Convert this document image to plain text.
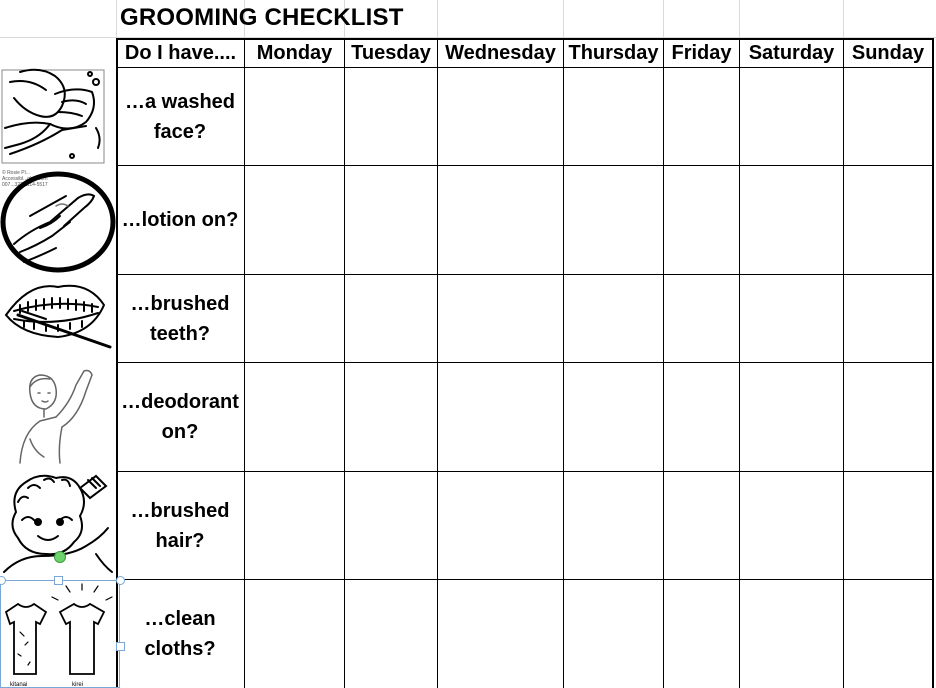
GROOMING CHECKLIST
Do I have....	Monday Tuesday Wednesday Thursday Friday Saturday Sunday
…a washed
face?
…lotion on?
…brushed
teeth?
…deodorant
on?
…brushed
hair?
…clean
cloths?
© Rosie Pl...
Accessibl...ghts.com
007...322-1114-5517
kitanai	kirei
